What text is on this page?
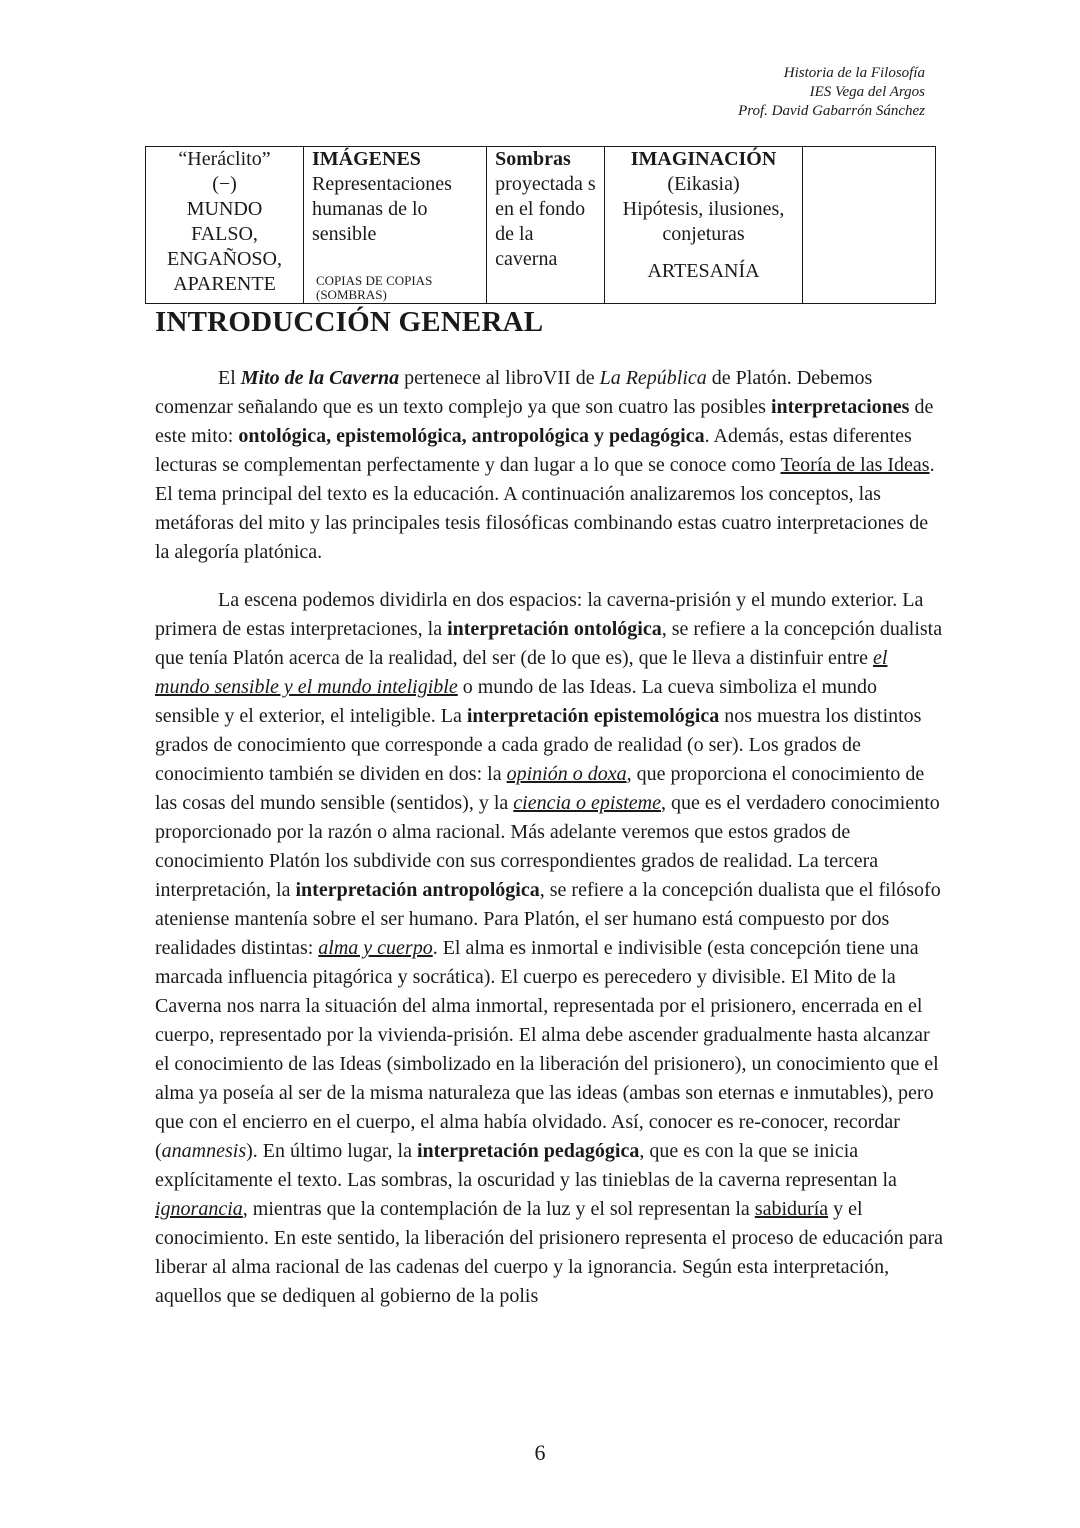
Historia de la Filosofía
IES Vega del Argos
Prof. David Gabarrón Sánchez
“Heráclito”
(−)
MUNDO
FALSO,
ENGAÑOSO,
APARENTE

IMÁGENES
Representaciones humanas de lo sensible
COPIAS DE COPIAS (SOMBRAS)

Sombras
proyectada s en el fondo de la caverna

IMAGINACIÓN
(Eikasia)
Hipótesis, ilusiones,
conjeturas
ARTESANÍA

INTRODUCCIÓN GENERAL

El Mito de la Caverna pertenece al libroVII de La República de Platón. Debemos comenzar señalando que es un texto complejo ya que son cuatro las posibles interpretaciones de este mito: ontológica, epistemológica, antropológica y pedagógica. Además, estas diferentes lecturas se complementan perfectamente y dan lugar a lo que se conoce como Teoría de las Ideas. El tema principal del texto es la educación. A continuación analizaremos los conceptos, las metáforas del mito y las principales tesis filosóficas combinando estas cuatro interpretaciones de la alegoría platónica.

La escena podemos dividirla en dos espacios: la caverna-prisión y el mundo exterior. La primera de estas interpretaciones, la interpretación ontológica, se refiere a la concepción dualista que tenía Platón acerca de la realidad, del ser (de lo que es), que le lleva a distinfuir entre el mundo sensible y el mundo inteligible o mundo de las Ideas. La cueva simboliza el mundo sensible y el exterior, el inteligible. La interpretación epistemológica nos muestra los distintos grados de conocimiento que corresponde a cada grado de realidad (o ser). Los grados de conocimiento también se dividen en dos: la opinión o doxa, que proporciona el conocimiento de las cosas del mundo sensible (sentidos), y la ciencia o episteme, que es el verdadero conocimiento proporcionado por la razón o alma racional. Más adelante veremos que estos grados de conocimiento Platón los subdivide con sus correspondientes grados de realidad. La tercera interpretación, la interpretación antropológica, se refiere a la concepción dualista que el filósofo ateniense mantenía sobre el ser humano. Para Platón, el ser humano está compuesto por dos realidades distintas: alma y cuerpo. El alma es inmortal e indivisible (esta concepción tiene una marcada influencia pitagórica y socrática). El cuerpo es perecedero y divisible. El Mito de la Caverna nos narra la situación del alma inmortal, representada por el prisionero, encerrada en el cuerpo, representado por la vivienda-prisión. El alma debe ascender gradualmente hasta alcanzar el conocimiento de las Ideas (simbolizado en la liberación del prisionero), un conocimiento que el alma ya poseía al ser de la misma naturaleza que las ideas (ambas son eternas e inmutables), pero que con el encierro en el cuerpo, el alma había olvidado. Así, conocer es re-conocer, recordar (anamnesis). En último lugar, la interpretación pedagógica, que es con la que se inicia explícitamente el texto. Las sombras, la oscuridad y las tinieblas de la caverna representan la ignorancia, mientras que la contemplación de la luz y el sol representan la sabiduría y el conocimiento. En este sentido, la liberación del prisionero representa el proceso de educación para liberar al alma racional de las cadenas del cuerpo y la ignorancia. Según esta interpretación, aquellos que se dediquen al gobierno de la polis

6
